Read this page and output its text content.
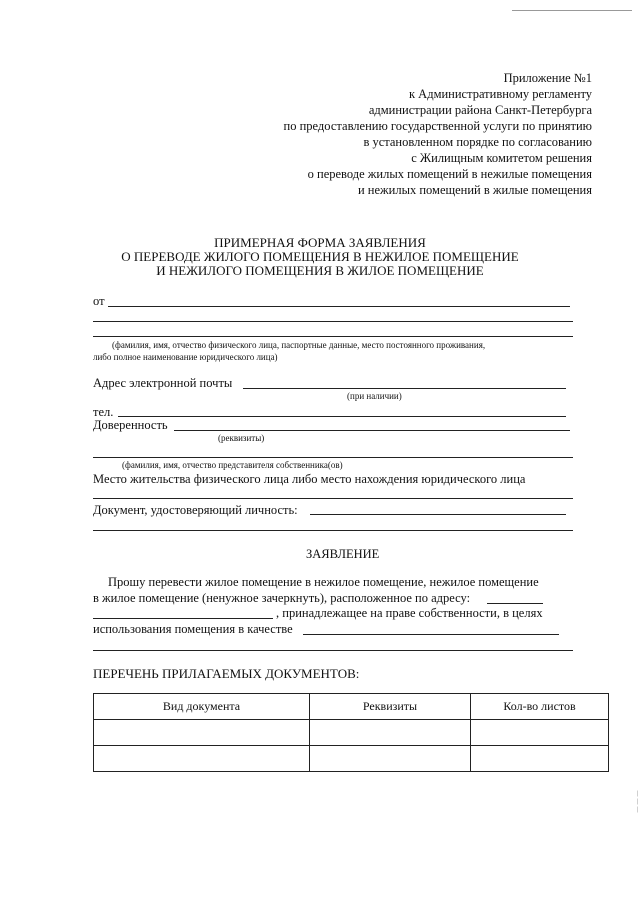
Приложение №1
к Административному регламенту
администрации района Санкт-Петербурга
по предоставлению государственной услуги по принятию
в установленном порядке по согласованию
с Жилищным комитетом решения
о переводе жилых помещений в нежилые помещения
и нежилых помещений в жилые помещения
ПРИМЕРНАЯ ФОРМА ЗАЯВЛЕНИЯ
О ПЕРЕВОДЕ ЖИЛОГО ПОМЕЩЕНИЯ В НЕЖИЛОЕ ПОМЕЩЕНИЕ
И НЕЖИЛОГО ПОМЕЩЕНИЯ В ЖИЛОЕ ПОМЕЩЕНИЕ
от
(фамилия, имя, отчество физического лица, паспортные данные, место постоянного проживания,
либо полное наименование юридического лица)
Адрес электронной почты
(при наличии)
тел.
Доверенность
(реквизиты)
(фамилия, имя, отчество представителя собственника(ов)
Место жительства физического лица либо место нахождения юридического лица
Документ, удостоверяющий личность:
ЗАЯВЛЕНИЕ
Прошу перевести жилое помещение в нежилое помещение, нежилое помещение
в жилое помещение (ненужное зачеркнуть), расположенное по адресу:
, принадлежащее на праве собственности, в целях
использования помещения в качестве
ПЕРЕЧЕНЬ ПРИЛАГАЕМЫХ ДОКУМЕНТОВ:
Вид документа	Реквизиты	Кол-во листов

|
|
|
